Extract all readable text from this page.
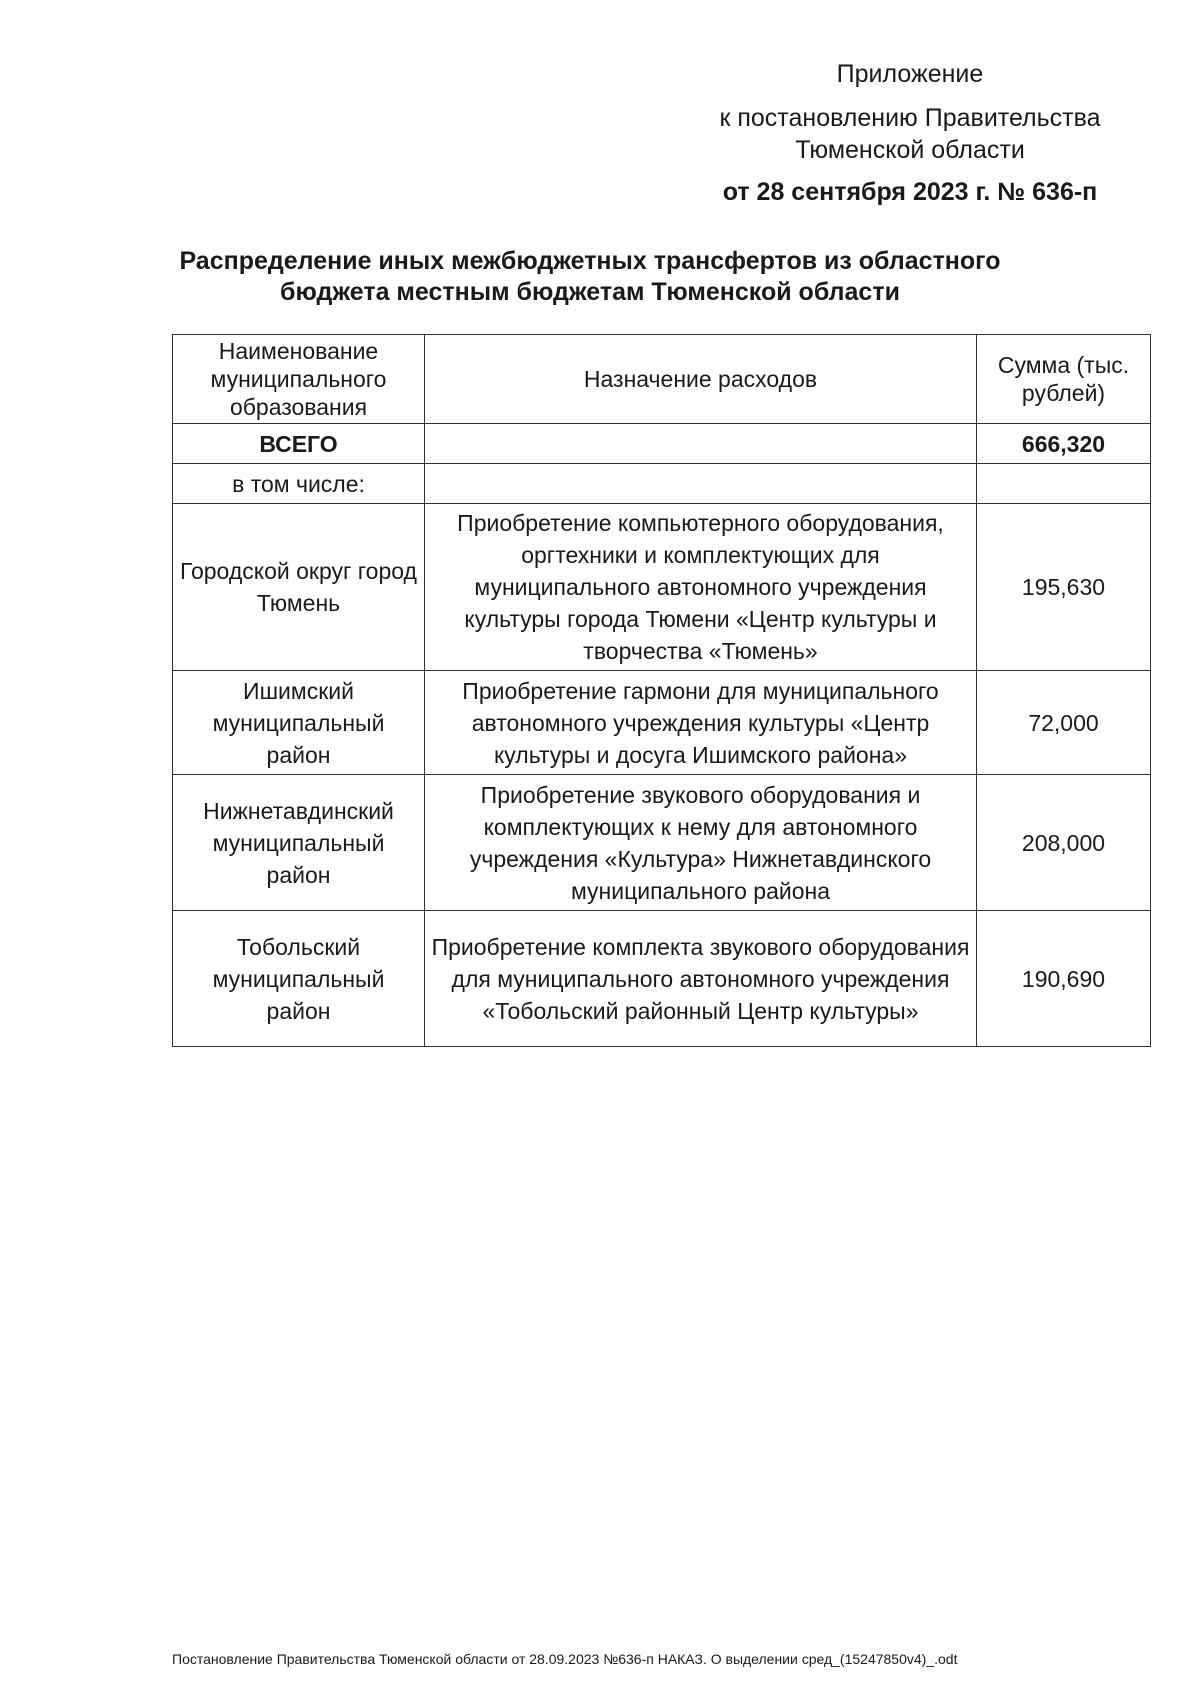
Приложение
к постановлению Правительства
Тюменской области
от 28 сентября 2023 г. № 636-п
Распределение иных межбюджетных трансфертов из областного
бюджета местным бюджетам Тюменской области
Наименование муниципального образования	Назначение расходов	Сумма (тыс. рублей)
ВСЕГО		666,320
в том числе:		
Городской округ город Тюмень	Приобретение компьютерного оборудования, оргтехники и комплектующих для муниципального автономного учреждения культуры города Тюмени «Центр культуры и творчества «Тюмень»	195,630
Ишимский муниципальный район	Приобретение гармони для муниципального автономного учреждения культуры «Центр культуры и досуга Ишимского района»	72,000
Нижнетавдинский муниципальный район	Приобретение звукового оборудования и комплектующих к нему для автономного учреждения «Культура» Нижнетавдинского муниципального района	208,000
Тобольский муниципальный район	Приобретение комплекта звукового оборудования для муниципального автономного учреждения «Тобольский районный Центр культуры»	190,690
Постановление Правительства Тюменской области от 28.09.2023 №636-п НАКАЗ. О выделении сред_(15247850v4)_.odt
